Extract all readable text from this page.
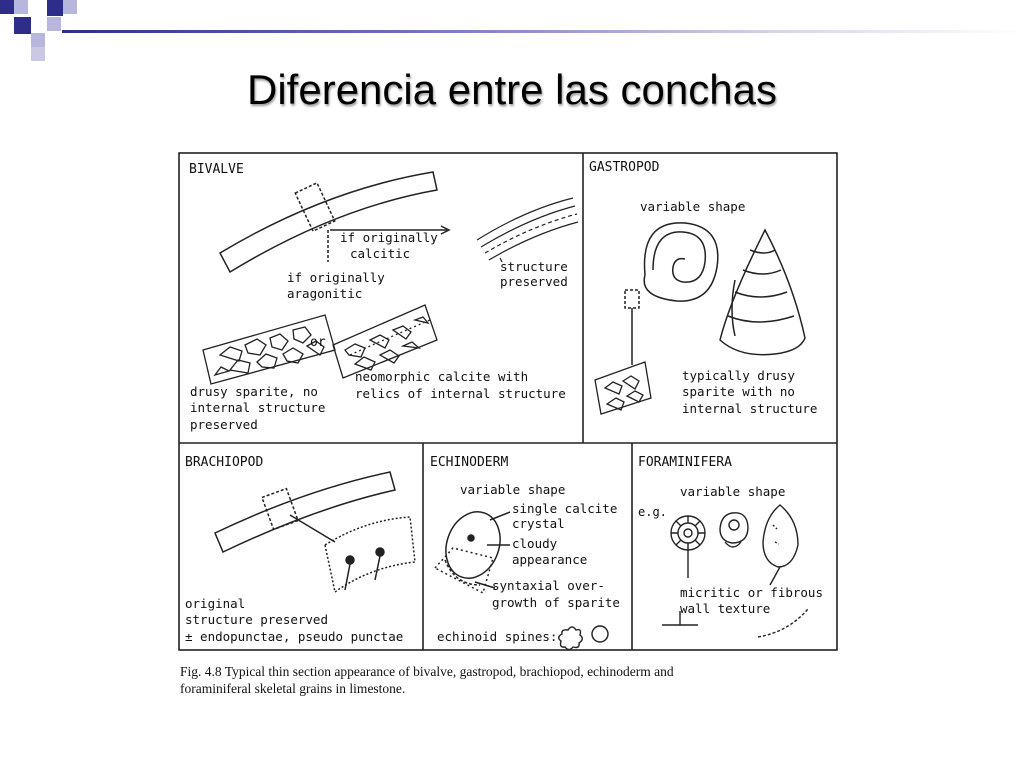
Diferencia entre las conchas
BIVALVE
if originally
calcitic
if originally
aragonitic
structure
preserved
or
drusy sparite, no
internal structure
preserved
neomorphic calcite with
relics of internal structure
GASTROPOD
variable shape
typically drusy
sparite with no
internal structure
BRACHIOPOD
original
structure preserved
± endopunctae, pseudo punctae
ECHINODERM
variable shape
single calcite
crystal
cloudy
appearance
syntaxial over-
growth of sparite
echinoid spines:
FORAMINIFERA
variable shape
e.g.
micritic or fibrous
wall texture
Fig. 4.8 Typical thin section appearance of bivalve, gastropod, brachiopod, echinoderm and
foraminiferal skeletal grains in limestone.
